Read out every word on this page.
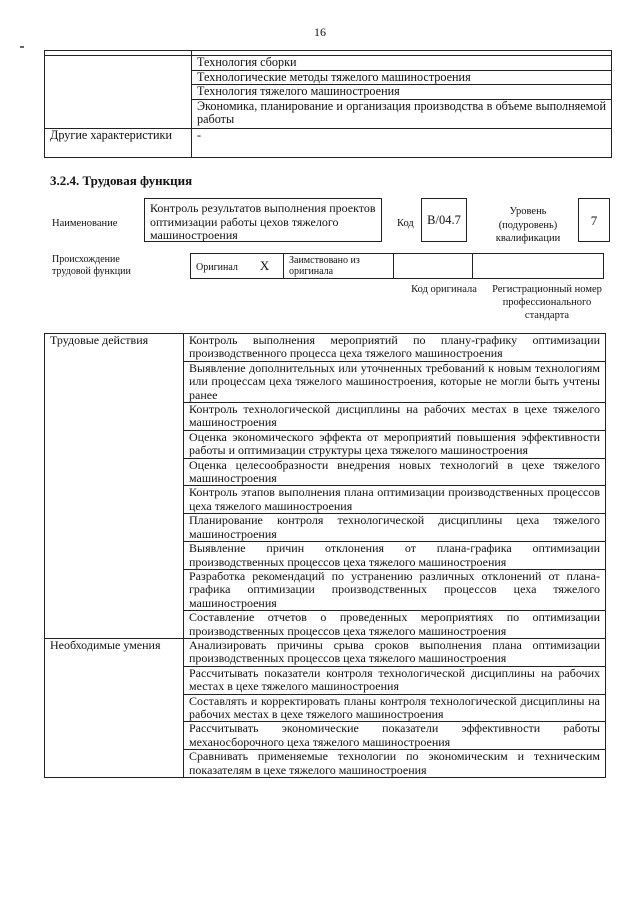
16

	Технология сборки
	Технологические методы тяжелого машиностроения
	Технология тяжелого машиностроения
	Экономика, планирование и организация производства в объеме выполняемой работы
Другие характеристики	-
3.2.4. Трудовая функция
Наименование
Контроль результатов выполнения проектов оптимизации работы цехов тяжелого машиностроения
Код	В/04.7
Уровень (подуровень) квалификации
7
Происхождение трудовой функции	Оригинал X	Заимствовано из оригинала		
Код оригинала	Регистрационный номер профессионального стандарта
Трудовые действия	Контроль выполнения мероприятий по плану-графику оптимизации производственного процесса цеха тяжелого машиностроения
	Выявление дополнительных или уточненных требований к новым технологиям или процессам цеха тяжелого машиностроения, которые не могли быть учтены ранее
	Контроль технологической дисциплины на рабочих местах в цехе тяжелого машиностроения
	Оценка экономического эффекта от мероприятий повышения эффективности работы и оптимизации структуры цеха тяжелого машиностроения
	Оценка целесообразности внедрения новых технологий в цехе тяжелого машиностроения
	Контроль этапов выполнения плана оптимизации производственных процессов цеха тяжелого машиностроения
	Планирование контроля технологической дисциплины цеха тяжелого машиностроения
	Выявление причин отклонения от плана-графика оптимизации производственных процессов цеха тяжелого машиностроения
	Разработка рекомендаций по устранению различных отклонений от плана-графика оптимизации производственных процессов цеха тяжелого машиностроения
	Составление отчетов о проведенных мероприятиях по оптимизации производственных процессов цеха тяжелого машиностроения
Необходимые умения	Анализировать причины срыва сроков выполнения плана оптимизации производственных процессов цеха тяжелого машиностроения
	Рассчитывать показатели контроля технологической дисциплины на рабочих местах в цехе тяжелого машиностроения
	Составлять и корректировать планы контроля технологической дисциплины на рабочих местах в цехе тяжелого машиностроения
	Рассчитывать экономические показатели эффективности работы механосборочного цеха тяжелого машиностроения
	Сравнивать применяемые технологии по экономическим и техническим показателям в цехе тяжелого машиностроения
